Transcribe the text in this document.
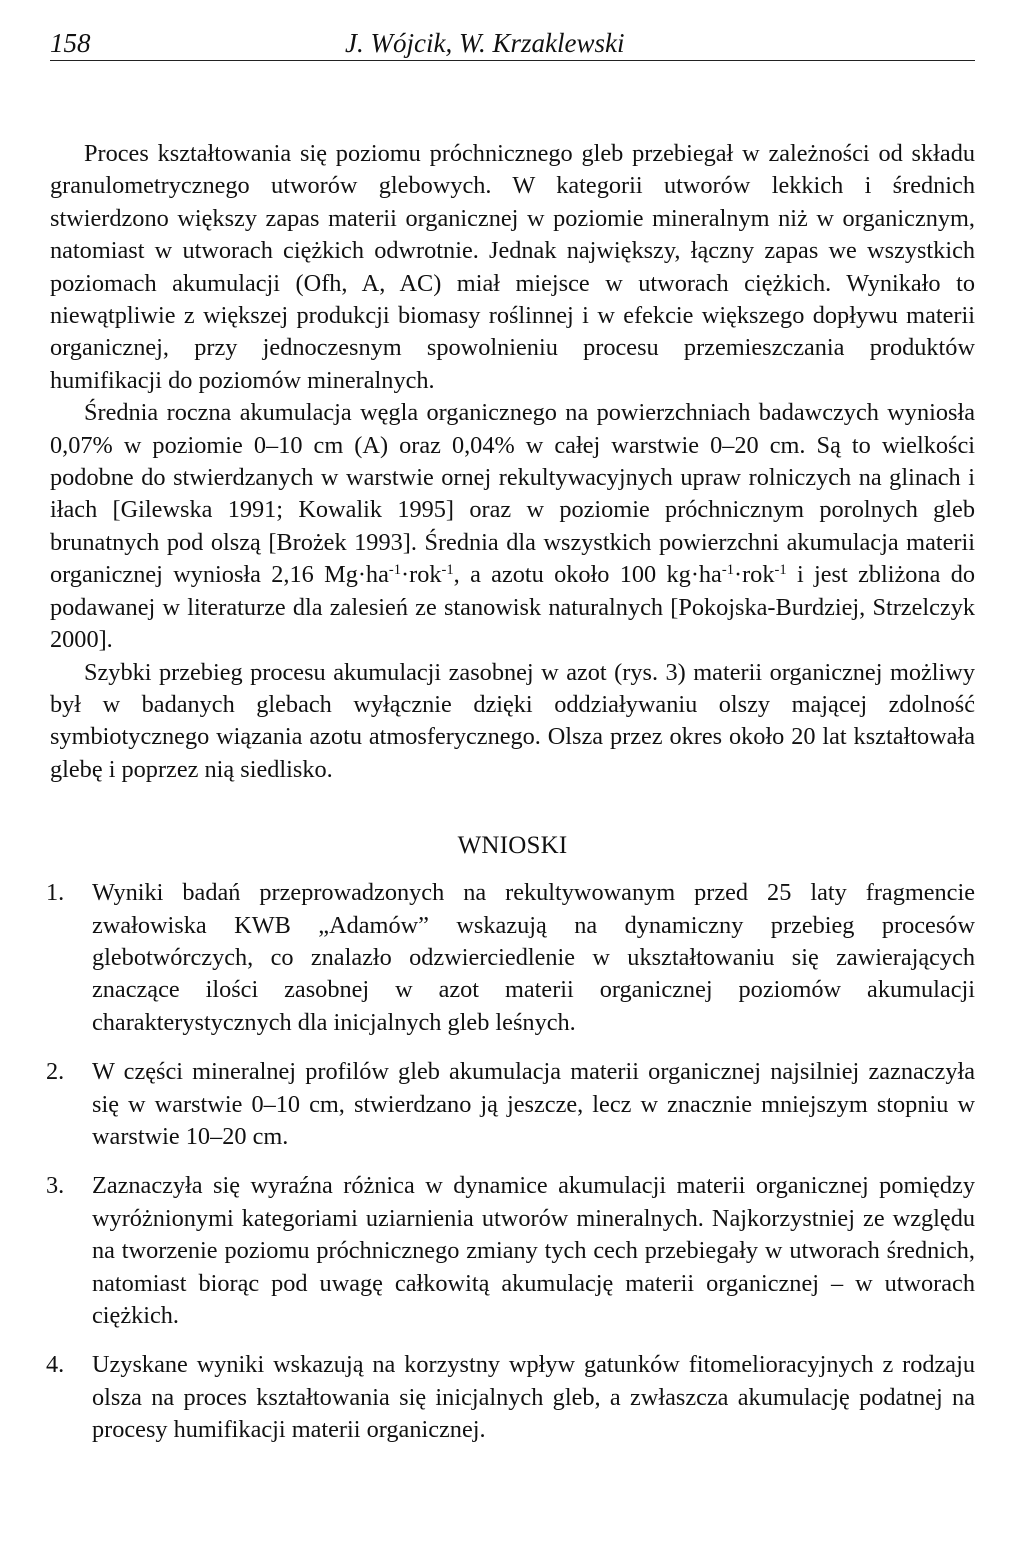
158	J. Wójcik, W. Krzaklewski

Proces kształtowania się poziomu próchnicznego gleb przebiegał w zależności od składu granulometrycznego utworów glebowych. W kategorii utworów lekkich i średnich stwierdzono większy zapas materii organicznej w poziomie mineralnym niż w organicznym, natomiast w utworach ciężkich odwrotnie. Jednak największy, łączny zapas we wszystkich poziomach akumulacji (Ofh, A, AC) miał miejsce w utworach ciężkich. Wynikało to niewątpliwie z większej produkcji biomasy roślinnej i w efekcie większego dopływu materii organicznej, przy jednoczesnym spowolnieniu procesu przemieszczania produktów humifikacji do poziomów mineralnych.

Średnia roczna akumulacja węgla organicznego na powierzchniach badawczych wyniosła 0,07% w poziomie 0–10 cm (A) oraz 0,04% w całej warstwie 0–20 cm. Są to wielkości podobne do stwierdzanych w warstwie ornej rekultywacyjnych upraw rolniczych na glinach i iłach [Gilewska 1991; Kowalik 1995] oraz w poziomie próchnicznym porolnych gleb brunatnych pod olszą [Brożek 1993]. Średnia dla wszystkich powierzchni akumulacja materii organicznej wyniosła 2,16 $Mg\cdot ha^{-1}\cdot rok^{-1}$, a azotu około 100 $kg\cdot ha^{-1}\cdot rok^{-1}$ i jest zbliżona do podawanej w literaturze dla zalesień ze stanowisk naturalnych [Pokojska-Burdziej, Strzelczyk 2000].

Szybki przebieg procesu akumulacji zasobnej w azot (rys. 3) materii organicznej możliwy był w badanych glebach wyłącznie dzięki oddziaływaniu olszy mającej zdolność symbiotycznego wiązania azotu atmosferycznego. Olsza przez okres około 20 lat kształtowała glebę i poprzez nią siedlisko.

WNIOSKI
1. Wyniki badań przeprowadzonych na rekultywowanym przed 25 laty fragmencie zwałowiska KWB „Adamów” wskazują na dynamiczny przebieg procesów glebotwórczych, co znalazło odzwierciedlenie w ukształtowaniu się zawierających znaczące ilości zasobnej w azot materii organicznej poziomów akumulacji charakterystycznych dla inicjalnych gleb leśnych.
2. W części mineralnej profilów gleb akumulacja materii organicznej najsilniej zaznaczyła się w warstwie 0–10 cm, stwierdzano ją jeszcze, lecz w znacznie mniejszym stopniu w warstwie 10–20 cm.
3. Zaznaczyła się wyraźna różnica w dynamice akumulacji materii organicznej pomiędzy wyróżnionymi kategoriami uziarnienia utworów mineralnych. Najkorzystniej ze względu na tworzenie poziomu próchnicznego zmiany tych cech przebiegały w utworach średnich, natomiast biorąc pod uwagę całkowitą akumulację materii organicznej – w utworach ciężkich.
4. Uzyskane wyniki wskazują na korzystny wpływ gatunków fitomelioracyjnych z rodzaju olsza na proces kształtowania się inicjalnych gleb, a zwłaszcza akumulację podatnej na procesy humifikacji materii organicznej.
